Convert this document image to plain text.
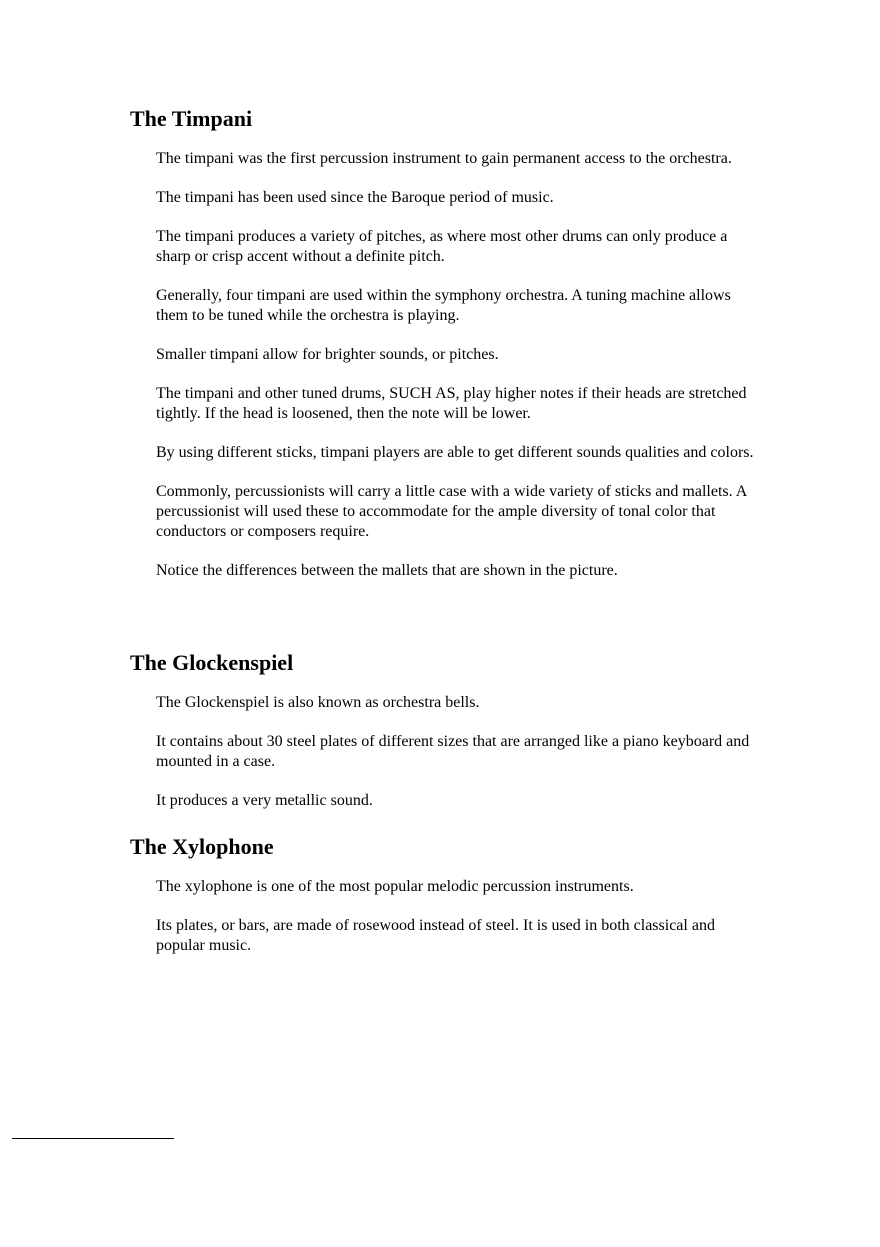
The Timpani

The timpani was the first percussion instrument to gain permanent access to the orchestra.

The timpani has been used since the Baroque period of music.

The timpani produces a variety of pitches, as where most other drums can only produce a sharp or crisp accent without a definite pitch.

Generally, four timpani are used within the symphony orchestra. A tuning machine allows them to be tuned while the orchestra is playing.

Smaller timpani allow for brighter sounds, or pitches.

The timpani and other tuned drums, SUCH AS, play higher notes if their heads are stretched tightly. If the head is loosened, then the note will be lower.

By using different sticks, timpani players are able to get different sounds qualities and colors.

Commonly, percussionists will carry a little case with a wide variety of sticks and mallets. A percussionist will used these to accommodate for the ample diversity of tonal color that conductors or composers require.

Notice the differences between the mallets that are shown in the picture.

The Glockenspiel

The Glockenspiel is also known as orchestra bells.

It contains about 30 steel plates of different sizes that are arranged like a piano keyboard and mounted in a case.

It produces a very metallic sound.

The Xylophone

The xylophone is one of the most popular melodic percussion instruments.

Its plates, or bars, are made of rosewood instead of steel. It is used in both classical and popular music.
